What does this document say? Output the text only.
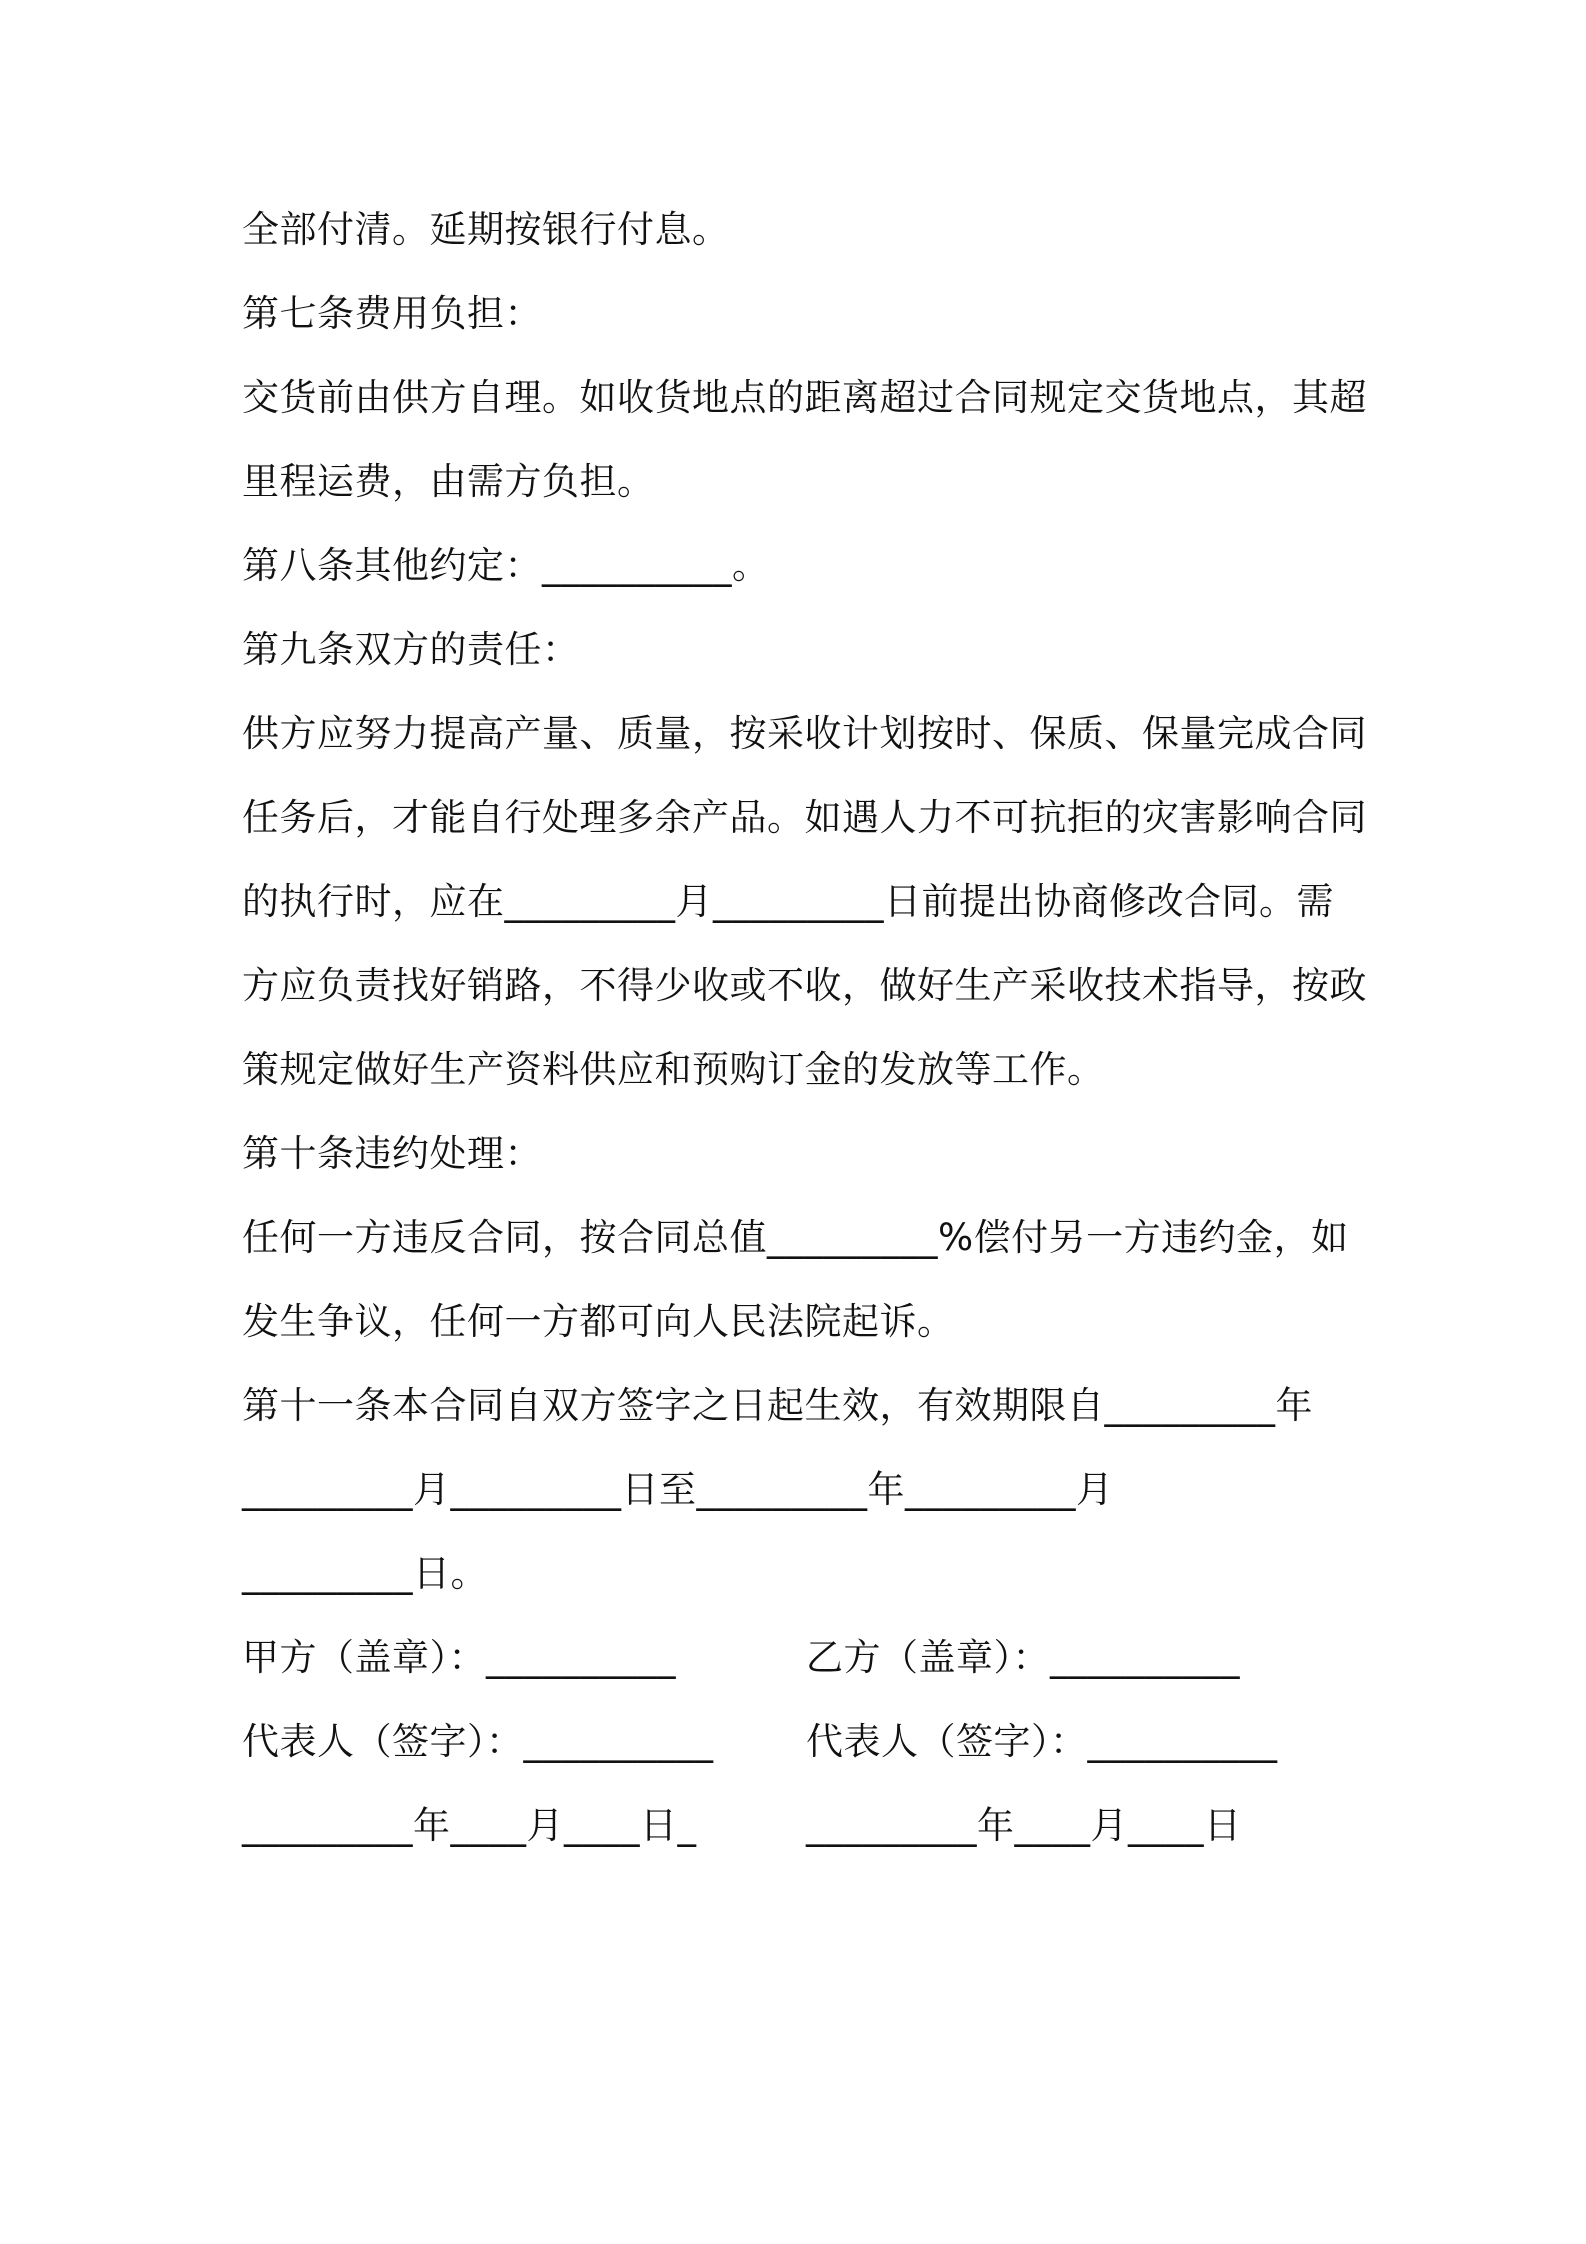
全部付清。延期按银行付息。
第七条费用负担：
交货前由供方自理。如收货地点的距离超过合同规定交货地点，其超
里程运费，由需方负担。
第八条其他约定：__________。
第九条双方的责任：
供方应努力提高产量、质量，按采收计划按时、保质、保量完成合同
任务后，才能自行处理多余产品。如遇人力不可抗拒的灾害影响合同
的执行时，应在_________月_________日前提出协商修改合同。需
方应负责找好销路，不得少收或不收，做好生产采收技术指导，按政
策规定做好生产资料供应和预购订金的发放等工作。
第十条违约处理：
任何一方违反合同，按合同总值_________%偿付另一方违约金，如
发生争议，任何一方都可向人民法院起诉。
第十一条本合同自双方签字之日起生效，有效期限自_________年
_________月_________日至_________年_________月
_________日。
甲方（盖章）：__________	乙方（盖章）：__________
代表人（签字）：__________	代表人（签字）：__________
_________年____月____日_	_________年____月____日
